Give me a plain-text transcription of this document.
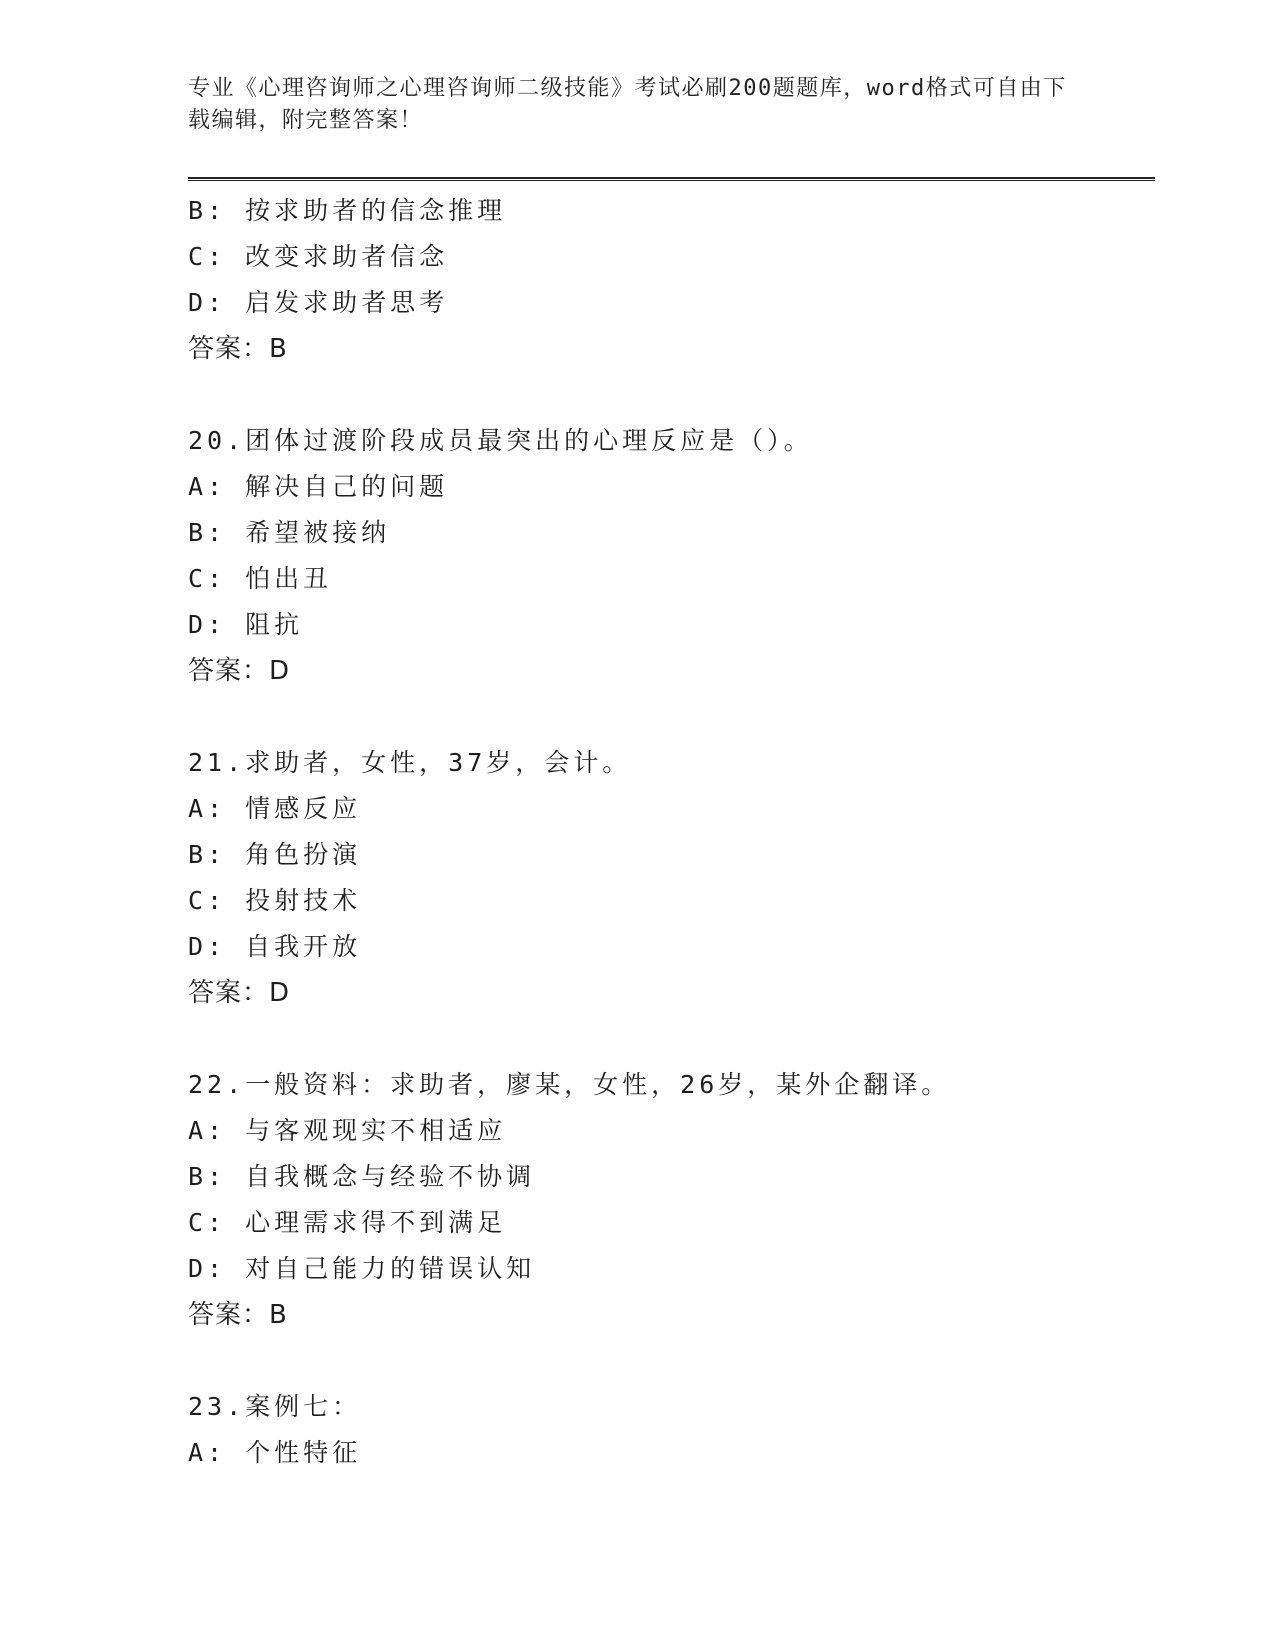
专业《心理咨询师之心理咨询师二级技能》考试必刷200题题库，word格式可自由下载编辑，附完整答案！
B: 按求助者的信念推理
C: 改变求助者信念
D: 启发求助者思考
答案：B
20.团体过渡阶段成员最突出的心理反应是（）。
A: 解决自己的问题
B: 希望被接纳
C: 怕出丑
D: 阻抗
答案：D
21.求助者，女性，37岁，会计。
A: 情感反应
B: 角色扮演
C: 投射技术
D: 自我开放
答案：D
22.一般资料：求助者，廖某，女性，26岁，某外企翻译。
A: 与客观现实不相适应
B: 自我概念与经验不协调
C: 心理需求得不到满足
D: 对自己能力的错误认知
答案：B
23.案例七：
A: 个性特征
